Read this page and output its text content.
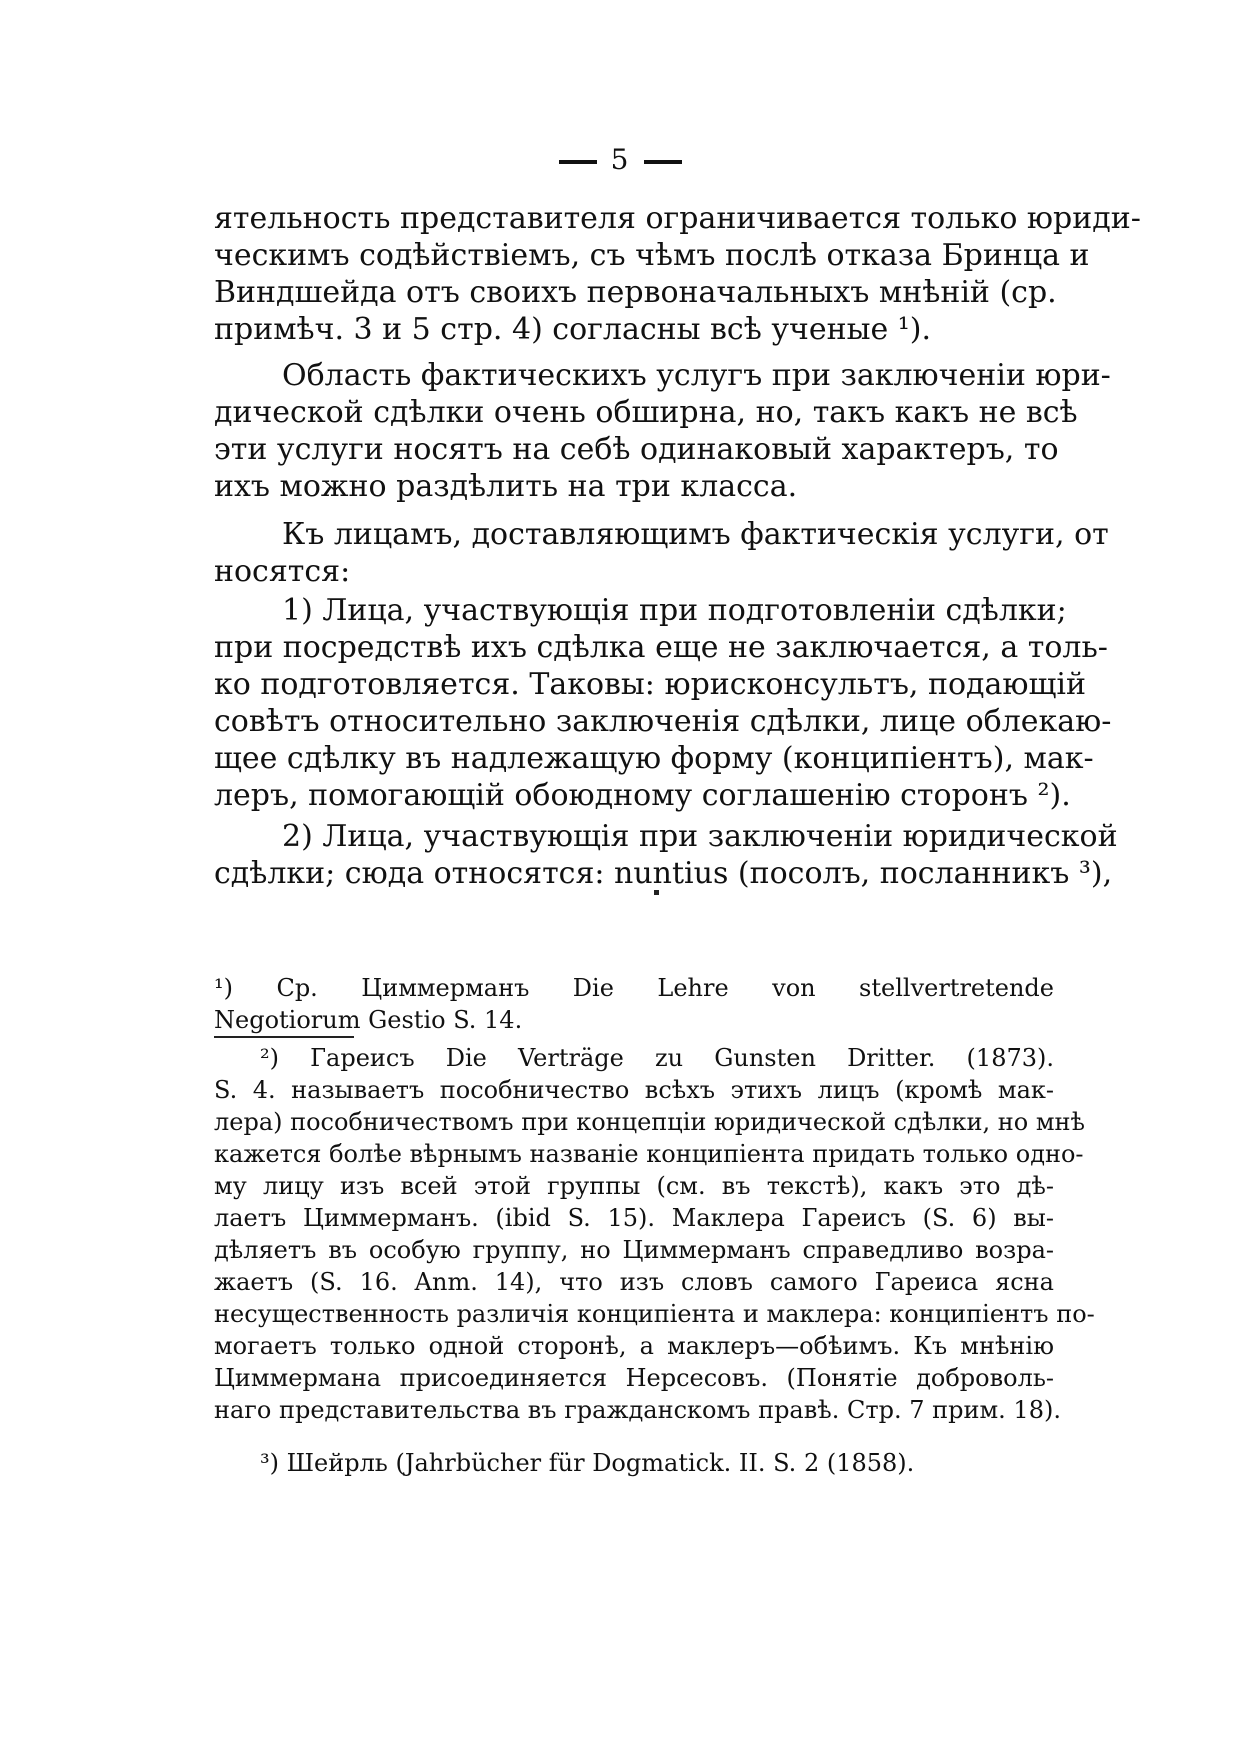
5
ятельность представителя ограничивается только юриди-
ческимъ содѣйствiемъ, съ чѣмъ послѣ отказа Бринца и
Виндшейда отъ своихъ первоначальныхъ мнѣнiй (ср.
примѣч. 3 и 5 стр. 4) согласны всѣ ученые ¹).
Область фактическихъ услугъ при заключенiи юри-
дической сдѣлки очень обширна, но, такъ какъ не всѣ
эти услуги носятъ на себѣ одинаковый характеръ, то
ихъ можно раздѣлить на три класса.
Къ лицамъ, доставляющимъ фактическiя услуги, от
носятся:
1) Лица, участвующiя при подготовленiи сдѣлки;
при посредствѣ ихъ сдѣлка еще не заключается, а толь-
ко подготовляется. Таковы: юрисконсультъ, подающiй
совѣтъ относительно заключенiя сдѣлки, лице облекаю-
щее сдѣлку въ надлежащую форму (конципiентъ), мак-
леръ, помогающiй обоюдному соглашенiю сторонъ ²).
2) Лица, участвующiя при заключенiи юридической
сдѣлки; сюда относятся: nuntius (посолъ, посланникъ ³),
¹) Ср. Циммерманъ Die Lehre von stellvertretende
Negotiorum Gestio S. 14.
²) Гареисъ Die Verträge zu Gunsten Dritter. (1873).
S. 4. называетъ пособничество всѣхъ этихъ лицъ (кромѣ мак-
лера) пособничествомъ при концепцiи юридической сдѣлки, но мнѣ
кажется болѣе вѣрнымъ названiе конципiента придать только одно-
му лицу изъ всей этой группы (см. въ текстѣ), какъ это дѣ-
лаетъ Циммерманъ. (ibid S. 15). Маклера Гареисъ (S. 6) вы-
дѣляетъ въ особую группу, но Циммерманъ справедливо возра-
жаетъ (S. 16. Anm. 14), что изъ словъ самого Гареиса ясна
несущественность различiя конципiента и маклера: конципiентъ по-
могаетъ только одной сторонѣ, а маклеръ—обѣимъ. Къ мнѣнiю
Циммермана присоединяется Нерсесовъ. (Понятiе доброволь-
наго представительства въ гражданскомъ правѣ. Стр. 7 прим. 18).
³) Шейрль (Jahrbücher für Dogmatick. II. S. 2 (1858).
